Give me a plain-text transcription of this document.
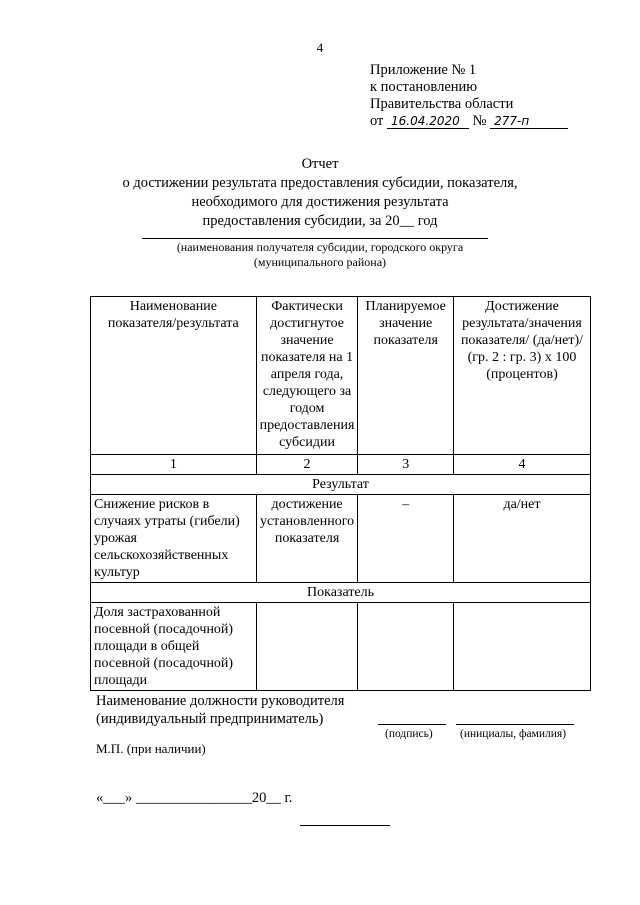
4
Приложение № 1
к постановлению
Правительства области
от 16.04.2020 № 277-п
Отчет
о достижении результата предоставления субсидии, показателя,
необходимого для достижения результата
предоставления субсидии, за 20__ год
(наименования получателя субсидии, городского округа
(муниципального района)
Наименование показателя/результата	Фактически достигнутое значение показателя на 1 апреля года, следующего за годом предоставления субсидии	Планируемое значение показателя	Достижение результата/значения показателя/ (да/нет)/ (гр. 2 : гр. 3) х 100 (процентов)
1	2	3	4
Результат			
Снижение рисков в случаях утраты (гибели) урожая сельскохозяйственных культур	достижение установленного показателя	–	да/нет
Показатель			
Доля застрахованной посевной (посадочной) площади в общей посевной (посадочной) площади			
Наименование должности руководителя
(индивидуальный предприниматель)
(подпись) (инициалы, фамилия)
М.П. (при наличии)
«___» ________________20__ г.
